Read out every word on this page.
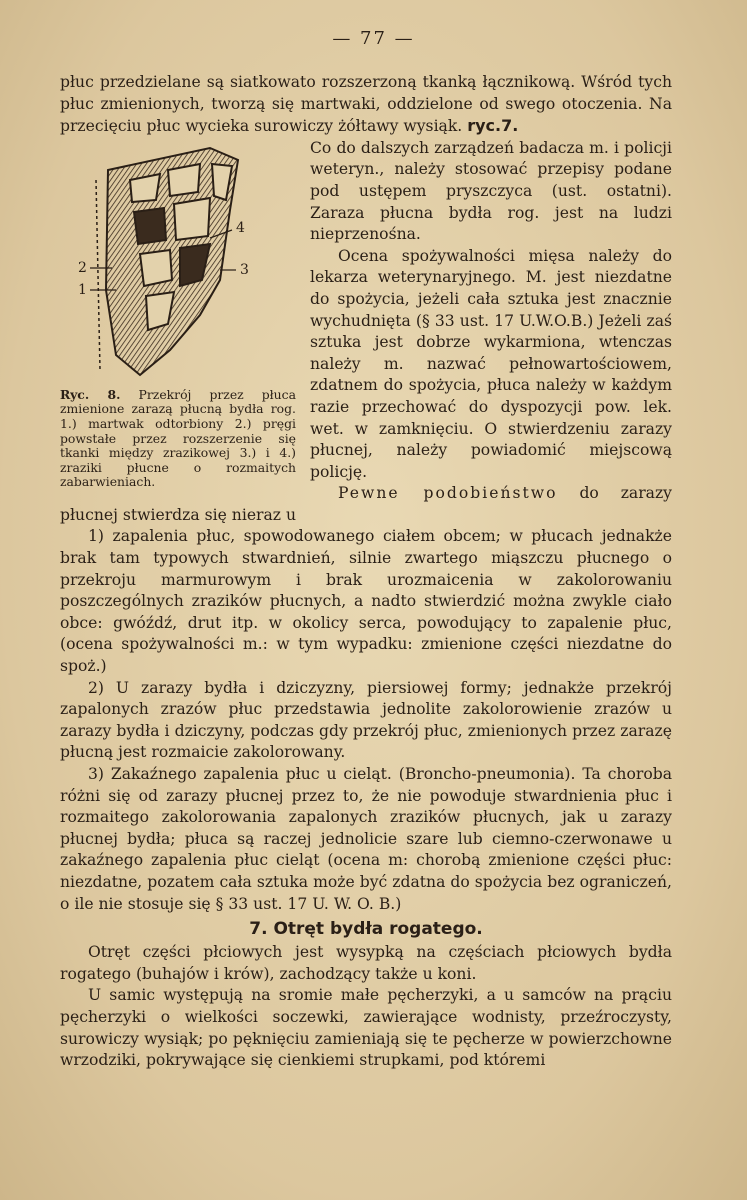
— 77 —

płuc przedzielane są siatkowato rozszerzoną tkanką łącznikową. Wśród tych płuc zmienionych, tworzą się martwaki, oddzielone od swego otoczenia. Na przecięciu płuc wycieka surowiczy żółtawy wysiąk. ryc.7.

1
2	3
4

Ryc. 8. Przekrój przez płuca zmienione zarazą płucną bydła rog. 1.) martwak odtorbiony 2.) pręgi powstałe przez rozszerzenie się tkanki między zrazikowej 3.) i 4.) zraziki płucne o rozmaitych zabarwieniach.

Co do dalszych zarządzeń badacza m. i policji weteryn., należy stosować przepisy podane pod ustępem pryszczyca (ust. ostatni). Zaraza płucna bydła rog. jest na ludzi nieprzenośna.

Ocena spożywalności mięsa należy do lekarza weterynaryjnego. M. jest niezdatne do spożycia, jeżeli cała sztuka jest znacznie wychudnięta (§ 33 ust. 17 U.W.O.B.) Jeżeli zaś sztuka jest dobrze wykarmiona, wtenczas należy m. nazwać pełnowartościowem, zdatnem do spożycia, płuca należy w każdym razie przechować do dyspozycji pow. lek. wet. w zamknięciu. O stwierdzeniu zarazy płucnej, należy powiadomić miejscową policję.

Pewne podobieństwo do zarazy płucnej stwierdza się nieraz u

1) zapalenia płuc, spowodowanego ciałem obcem; w płucach jednakże brak tam typowych stwardnień, silnie zwartego miąszczu płucnego o przekroju marmurowym i brak urozmaicenia w zakolorowaniu poszczególnych zrazików płucnych, a nadto stwierdzić można zwykle ciało obce: gwóźdź, drut itp. w okolicy serca, powodujący to zapalenie płuc, (ocena spożywalności m.: w tym wypadku: zmienione części niezdatne do spoż.)

2) U zarazy bydła i dziczyzny, piersiowej formy; jednakże przekrój zapalonych zrazów płuc przedstawia jednolite zakolorowienie zrazów u zarazy bydła i dziczyny, podczas gdy przekrój płuc, zmienionych przez zarazę płucną jest rozmaicie zakolorowany.

3) Zakaźnego zapalenia płuc u cieląt. (Broncho-pneumonia). Ta choroba różni się od zarazy płucnej przez to, że nie powoduje stwardnienia płuc i rozmaitego zakolorowania zapalonych zrazików płucnych, jak u zarazy płucnej bydła; płuca są raczej jednolicie szare lub ciemno-czerwonawe u zakaźnego zapalenia płuc cieląt (ocena m: chorobą zmienione części płuc: niezdatne, pozatem cała sztuka może być zdatna do spożycia bez ograniczeń, o ile nie stosuje się § 33 ust. 17 U. W. O. B.)

7. Otręt bydła rogatego.

Otręt części płciowych jest wysypką na częściach płciowych bydła rogatego (buhajów i krów), zachodzący także u koni.

U samic występują na sromie małe pęcherzyki, a u samców na prąciu pęcherzyki o wielkości soczewki, zawierające wodnisty, przeźroczysty, surowiczy wysiąk; po pęknięciu zamieniają się te pęcherze w powierzchowne wrzodziki, pokrywające się cienkiemi strupkami, pod któremi
